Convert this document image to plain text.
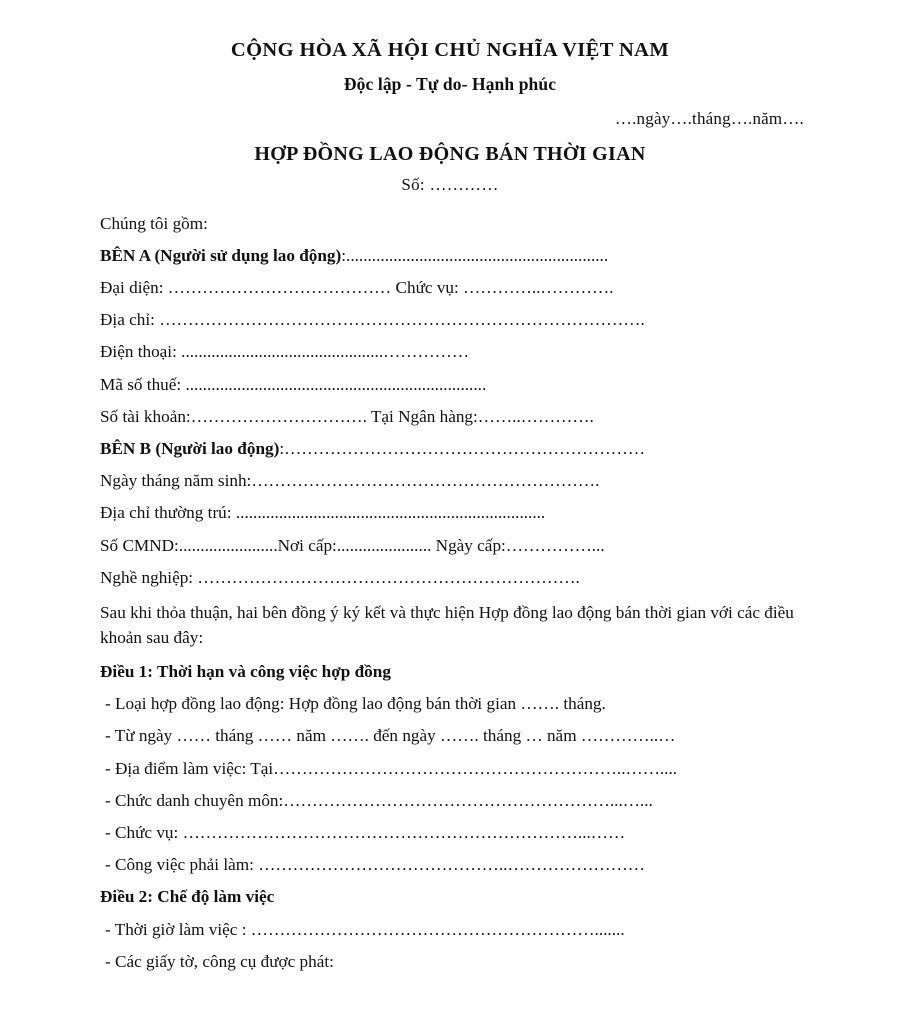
CỘNG HÒA XÃ HỘI CHỦ NGHĨA VIỆT NAM
Độc lập - Tự do- Hạnh phúc
….ngày….tháng….năm….
HỢP ĐỒNG LAO ĐỘNG BÁN THỜI GIAN
Số: …………
Chúng tôi gồm:
BÊN A (Người sử dụng lao động):.............................................................
Đại diện: ………………………………… Chức vụ: …………..………….
Địa chỉ: ………………………………………………………………………….
Điện thoại: ...............................................……………
Mã số thuế: ......................................................................
Số tài khoản:…………………………. Tại Ngân hàng:……..………….
BÊN B (Người lao động):………………………………………………………
Ngày tháng năm sinh:…………………………………………………….
Địa chỉ thường trú: ........................................................................
Số CMND:.......................Nơi cấp:...................... Ngày cấp:……………...
Nghề nghiệp: ………………………………………………………….
Sau khi thỏa thuận, hai bên đồng ý ký kết và thực hiện Hợp đồng lao động bán thời gian với các điều khoản sau đây:
Điều 1: Thời hạn và công việc hợp đồng
- Loại hợp đồng lao động: Hợp đồng lao động bán thời gian ……. tháng.
- Từ ngày …… tháng …… năm ……. đến ngày ……. tháng … năm …………..…
- Địa điểm làm việc: Tại……………………………………………………..……....
- Chức danh chuyên môn:…………………………………………………...…...
- Chức vụ: ……………………………………………………………...……
- Công việc phải làm: ……………………………………..……………………
Điều 2: Chế độ làm việc
- Thời giờ làm việc : …………………………………………………….......
- Các giấy tờ, công cụ được phát:
